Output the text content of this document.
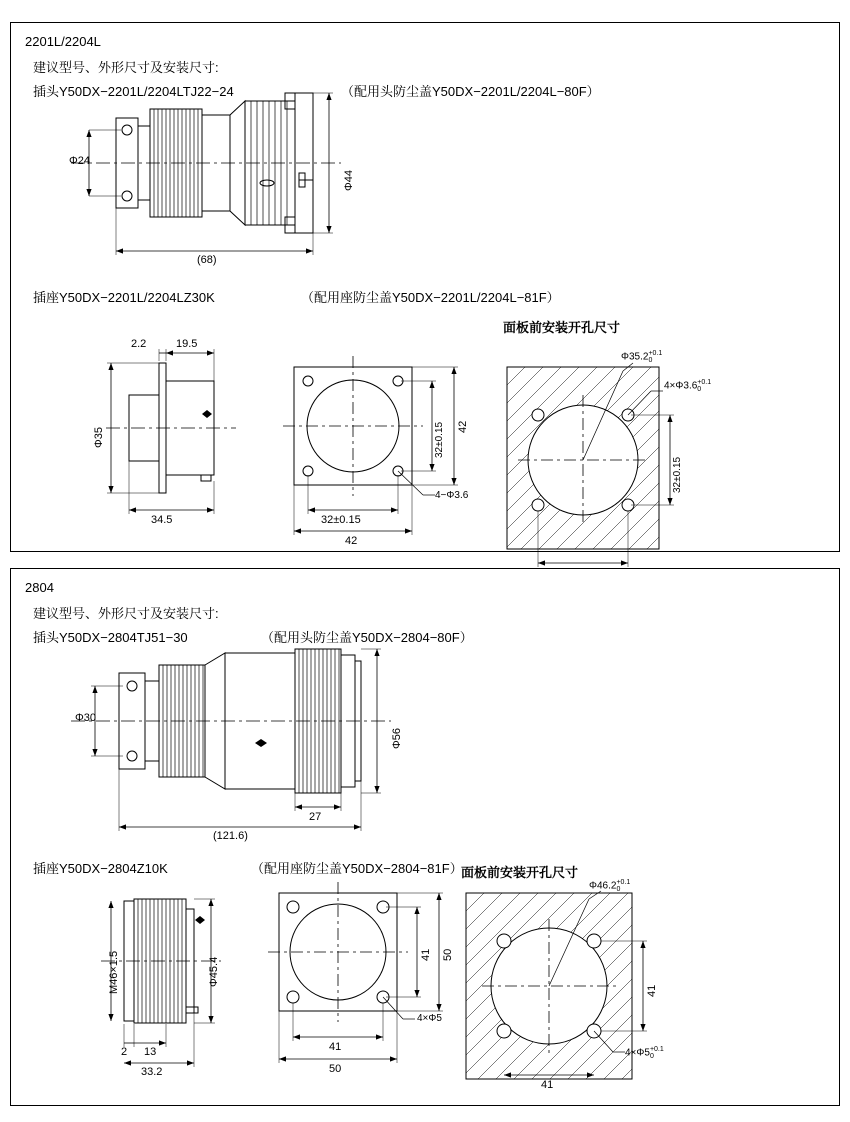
2201L/2204L
建议型号、外形尺寸及安装尺寸:
插头Y50DX−2201L/2204LTJ22−24	（配用头防尘盖Y50DX−2201L/2204L−80F）
Φ24
Φ44
(68)
插座Y50DX−2201L/2204LZ30K	（配用座防尘盖Y50DX−2201L/2204L−81F）
面板前安装开孔尺寸
2.2	19.5
Φ35
34.5
32±0.15 42
32±0.15
42
4−Φ3.6
Φ35.2 +0.1
0
4×Φ3.6 +0.1
0
32±0.15
2804
建议型号、外形尺寸及安装尺寸:
插头Y50DX−2804TJ51−30	（配用头防尘盖Y50DX−2804−80F）
Φ30
Φ56
27
(121.6)
插座Y50DX−2804Z10K	（配用座防尘盖Y50DX−2804−81F）
面板前安装开孔尺寸
M46×1.5	Φ45.4
2 13
33.2
41 50
41
50
4×Φ5
Φ46.2 +0.1
0
4×Φ5 +0.1
0
41
41
